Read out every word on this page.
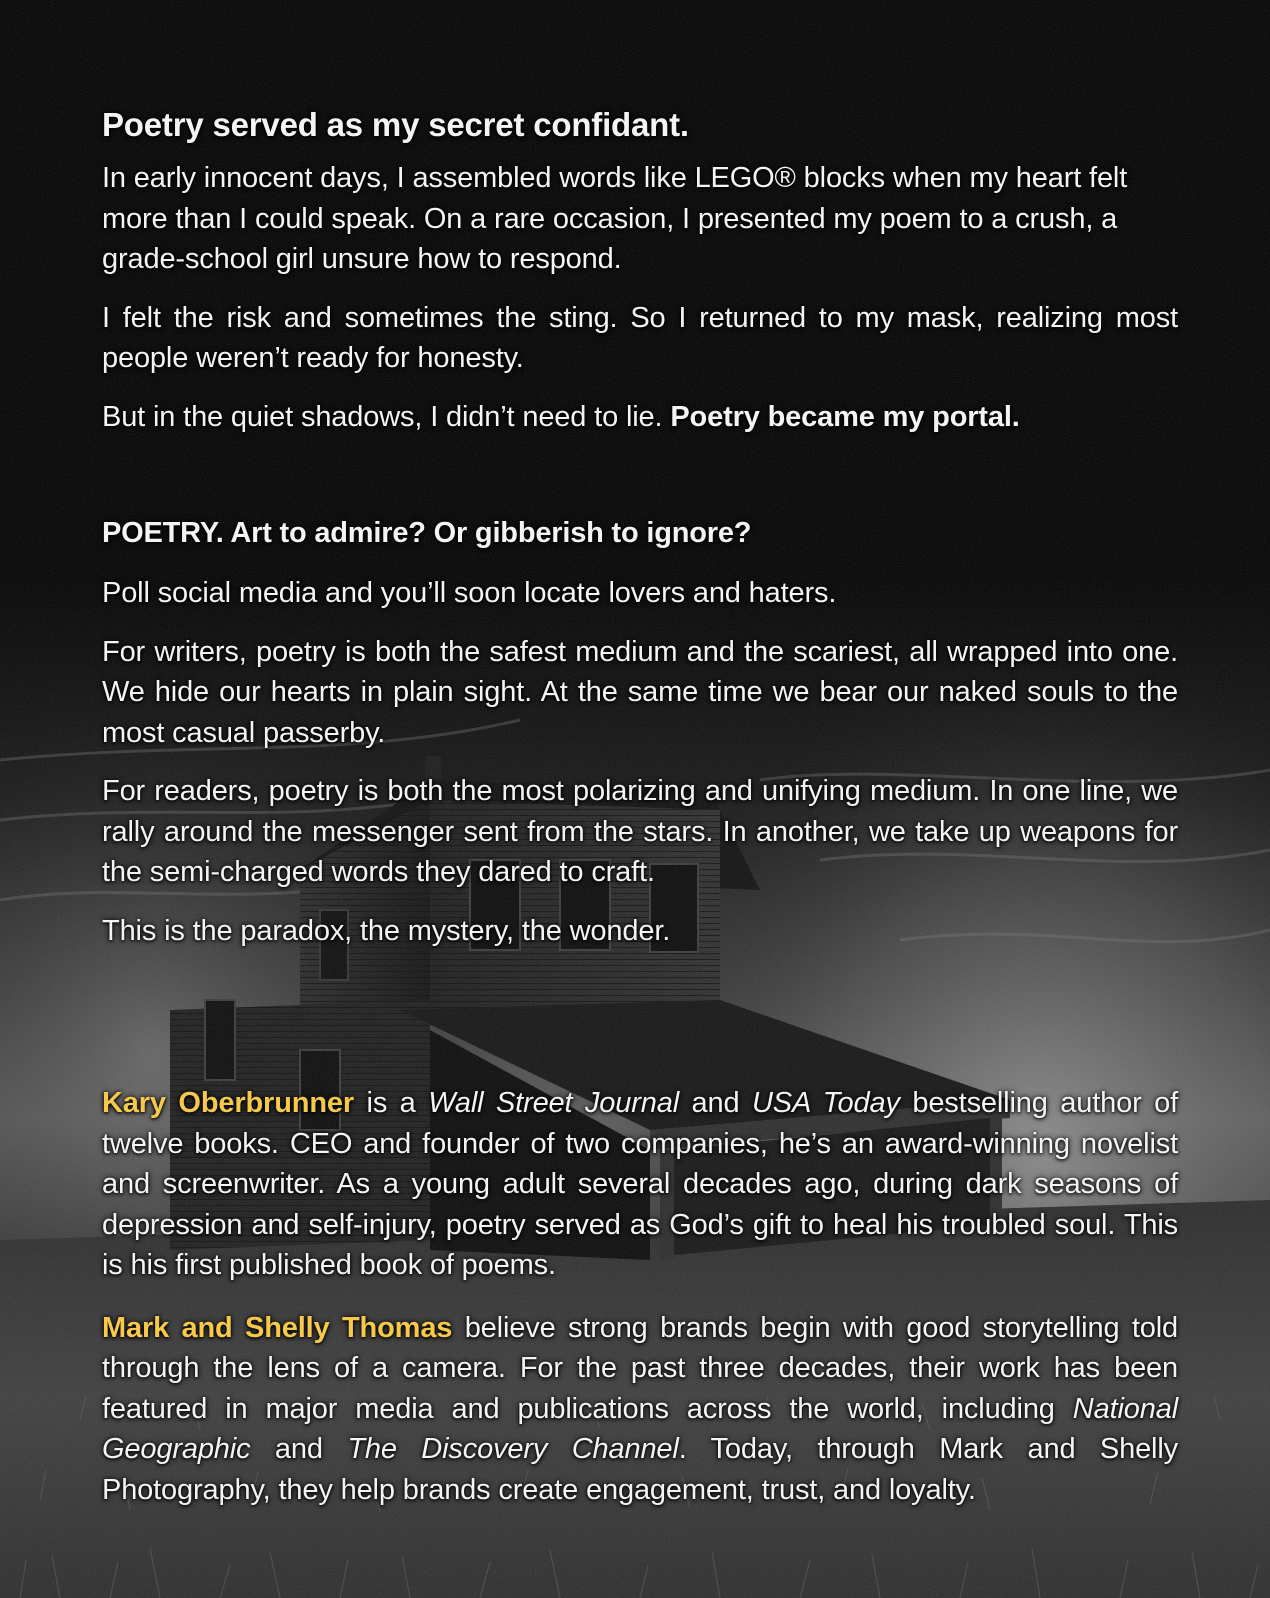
Poetry served as my secret confidant.

In early innocent days, I assembled words like LEGO® blocks when my heart felt more than I could speak. On a rare occasion, I presented my poem to a crush, a grade-school girl unsure how to respond.

I felt the risk and sometimes the sting. So I returned to my mask, realizing most people weren’t ready for honesty.

But in the quiet shadows, I didn’t need to lie. Poetry became my portal.

POETRY. Art to admire? Or gibberish to ignore?

Poll social media and you’ll soon locate lovers and haters.

For writers, poetry is both the safest medium and the scariest, all wrapped into one. We hide our hearts in plain sight. At the same time we bear our naked souls to the most casual passerby.

For readers, poetry is both the most polarizing and unifying medium. In one line, we rally around the messenger sent from the stars. In another, we take up weapons for the semi-charged words they dared to craft.

This is the paradox, the mystery, the wonder.

Kary Oberbrunner is a Wall Street Journal and USA Today bestselling author of twelve books. CEO and founder of two companies, he’s an award-winning novelist and screenwriter. As a young adult several decades ago, during dark seasons of depression and self-injury, poetry served as God’s gift to heal his troubled soul. This is his first published book of poems.

Mark and Shelly Thomas believe strong brands begin with good storytelling told through the lens of a camera. For the past three decades, their work has been featured in major media and publications across the world, including National Geographic and The Discovery Channel. Today, through Mark and Shelly Photography, they help brands create engagement, trust, and loyalty.
